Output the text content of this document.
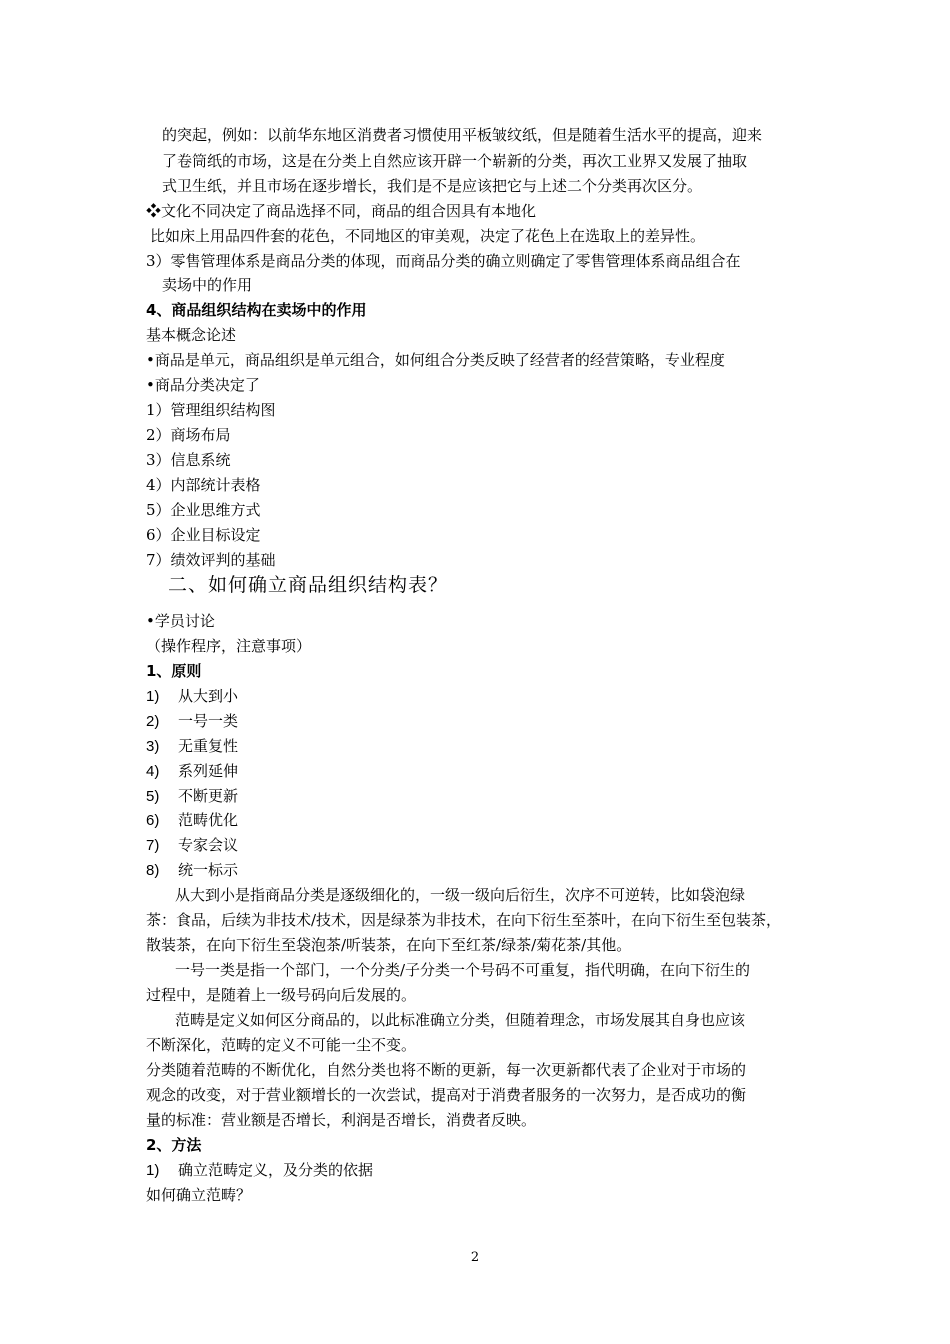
的突起，例如：以前华东地区消费者习惯使用平板皱纹纸，但是随着生活水平的提高，迎来
了卷筒纸的市场，这是在分类上自然应该开辟一个崭新的分类，再次工业界又发展了抽取
式卫生纸，并且市场在逐步增长，我们是不是应该把它与上述二个分类再次区分。
❖文化不同决定了商品选择不同，商品的组合因具有本地化
比如床上用品四件套的花色，不同地区的审美观，决定了花色上在选取上的差异性。
3）零售管理体系是商品分类的体现，而商品分类的确立则确定了零售管理体系商品组合在
卖场中的作用
4、商品组织结构在卖场中的作用
基本概念论述
•商品是单元，商品组织是单元组合，如何组合分类反映了经营者的经营策略，专业程度
•商品分类决定了
1）管理组织结构图
2）商场布局
3）信息系统
4）内部统计表格
5）企业思维方式
6）企业目标设定
7）绩效评判的基础
二、如何确立商品组织结构表？
•学员讨论
（操作程序，注意事项）
1、原则
1) 从大到小
2) 一号一类
3) 无重复性
4) 系列延伸
5) 不断更新
6) 范畴优化
7) 专家会议
8) 统一标示
从大到小是指商品分类是逐级细化的，一级一级向后衍生，次序不可逆转，比如袋泡绿
茶：食品，后续为非技术/技术，因是绿茶为非技术，在向下衍生至茶叶，在向下衍生至包装茶，
散装茶，在向下衍生至袋泡茶/听装茶，在向下至红茶/绿茶/菊花茶/其他。
一号一类是指一个部门，一个分类/子分类一个号码不可重复，指代明确，在向下衍生的
过程中，是随着上一级号码向后发展的。
范畴是定义如何区分商品的，以此标准确立分类，但随着理念，市场发展其自身也应该
不断深化，范畴的定义不可能一尘不变。
分类随着范畴的不断优化，自然分类也将不断的更新，每一次更新都代表了企业对于市场的
观念的改变，对于营业额增长的一次尝试，提高对于消费者服务的一次努力，是否成功的衡
量的标准：营业额是否增长，利润是否增长，消费者反映。
2、方法
1) 确立范畴定义，及分类的依据
如何确立范畴？
2
